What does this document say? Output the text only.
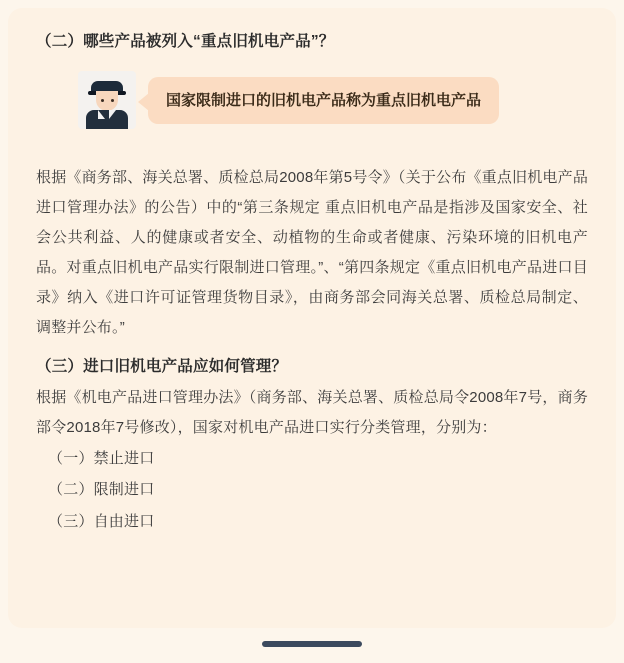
（二）哪些产品被列入“重点旧机电产品”？
国家限制进口的旧机电产品称为重点旧机电产品

根据《商务部、海关总署、质检总局2008年第5号令》（关于公布《重点旧机电产品进口管理办法》的公告）中的“第三条规定 重点旧机电产品是指涉及国家安全、社会公共利益、人的健康或者安全、动植物的生命或者健康、污染环境的旧机电产品。对重点旧机电产品实行限制进口管理。”、“第四条规定《重点旧机电产品进口目录》纳入《进口许可证管理货物目录》，由商务部会同海关总署、质检总局制定、调整并公布。”

（三）进口旧机电产品应如何管理？

根据《机电产品进口管理办法》（商务部、海关总署、质检总局令2008年7号，商务部令2018年7号修改），国家对机电产品进口实行分类管理，分别为：

（一）禁止进口
（二）限制进口
（三）自由进口
